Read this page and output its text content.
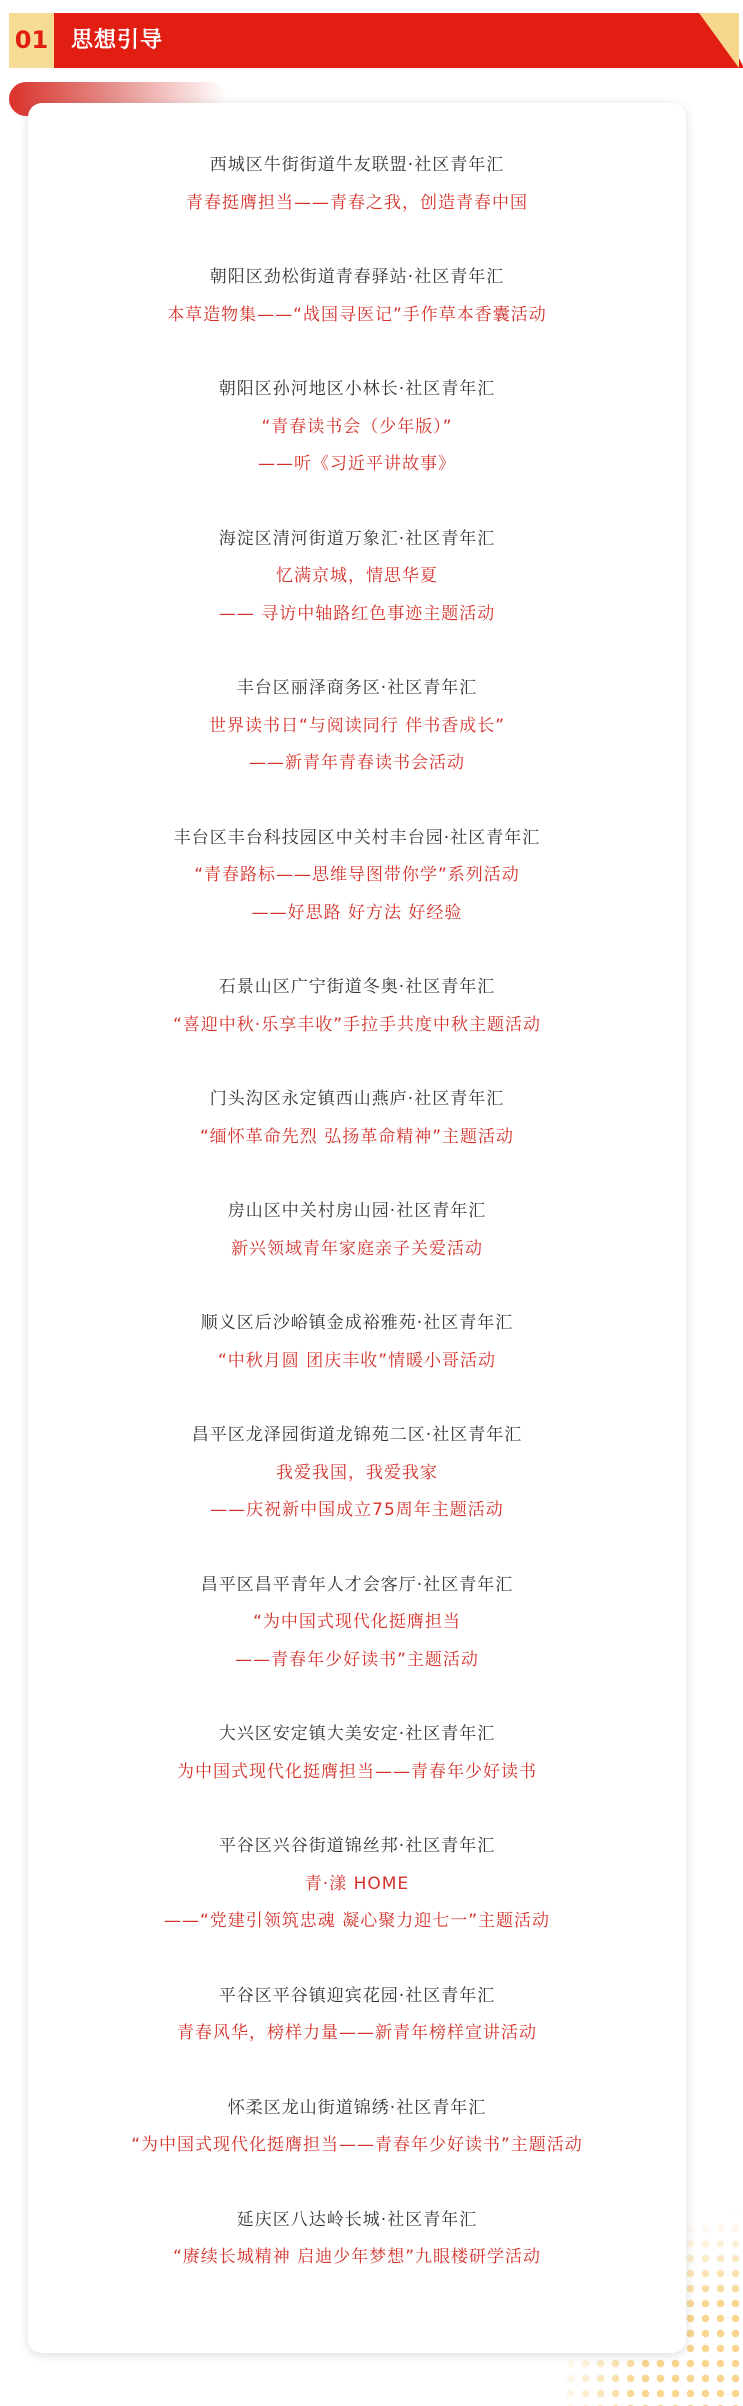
01 思想引导
西城区牛街街道牛友联盟·社区青年汇
青春挺膺担当——青春之我，创造青春中国
朝阳区劲松街道青春驿站·社区青年汇
本草造物集——“战国寻医记”手作草本香囊活动
朝阳区孙河地区小林长·社区青年汇
“青春读书会（少年版）”
——听《习近平讲故事》
海淀区清河街道万象汇·社区青年汇
忆满京城，情思华夏
—— 寻访中轴路红色事迹主题活动
丰台区丽泽商务区·社区青年汇
世界读书日“与阅读同行 伴书香成长”
——新青年青春读书会活动
丰台区丰台科技园区中关村丰台园·社区青年汇
“青春路标——思维导图带你学”系列活动
——好思路 好方法 好经验
石景山区广宁街道冬奥·社区青年汇
“喜迎中秋·乐享丰收”手拉手共度中秋主题活动
门头沟区永定镇西山燕庐·社区青年汇
“缅怀革命先烈 弘扬革命精神”主题活动
房山区中关村房山园·社区青年汇
新兴领域青年家庭亲子关爱活动
顺义区后沙峪镇金成裕雅苑·社区青年汇
“中秋月圆 团庆丰收”情暖小哥活动
昌平区龙泽园街道龙锦苑二区·社区青年汇
我爱我国，我爱我家
——庆祝新中国成立75周年主题活动
昌平区昌平青年人才会客厅·社区青年汇
“为中国式现代化挺膺担当
——青春年少好读书”主题活动
大兴区安定镇大美安定·社区青年汇
为中国式现代化挺膺担当——青春年少好读书
平谷区兴谷街道锦丝邦·社区青年汇
青·漾 HOME
——“党建引领筑忠魂 凝心聚力迎七一”主题活动
平谷区平谷镇迎宾花园·社区青年汇
青春风华，榜样力量——新青年榜样宣讲活动
怀柔区龙山街道锦绣·社区青年汇
“为中国式现代化挺膺担当——青春年少好读书”主题活动
延庆区八达岭长城·社区青年汇
“赓续长城精神 启迪少年梦想”九眼楼研学活动
